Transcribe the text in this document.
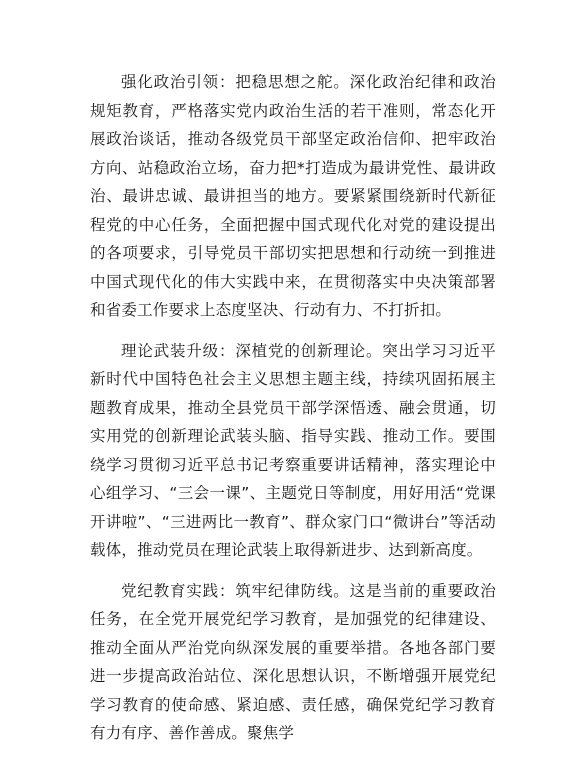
强化政治引领：把稳思想之舵。深化政治纪律和政治规矩教育，严格落实党内政治生活的若干准则，常态化开展政治谈话，推动各级党员干部坚定政治信仰、把牢政治方向、站稳政治立场，奋力把*打造成为最讲党性、最讲政治、最讲忠诚、最讲担当的地方。要紧紧围绕新时代新征程党的中心任务，全面把握中国式现代化对党的建设提出的各项要求，引导党员干部切实把思想和行动统一到推进中国式现代化的伟大实践中来，在贯彻落实中央决策部署和省委工作要求上态度坚决、行动有力、不打折扣。

理论武装升级：深植党的创新理论。突出学习习近平新时代中国特色社会主义思想主题主线，持续巩固拓展主题教育成果，推动全县党员干部学深悟透、融会贯通，切实用党的创新理论武装头脑、指导实践、推动工作。要围绕学习贯彻习近平总书记考察重要讲话精神，落实理论中心组学习、“三会一课”、主题党日等制度，用好用活“党课开讲啦”、“三进两比一教育”、群众家门口“微讲台”等活动载体，推动党员在理论武装上取得新进步、达到新高度。

党纪教育实践：筑牢纪律防线。这是当前的重要政治任务，在全党开展党纪学习教育，是加强党的纪律建设、推动全面从严治党向纵深发展的重要举措。各地各部门要进一步提高政治站位、深化思想认识，不断增强开展党纪学习教育的使命感、紧迫感、责任感，确保党纪学习教育有力有序、善作善成。聚焦学
